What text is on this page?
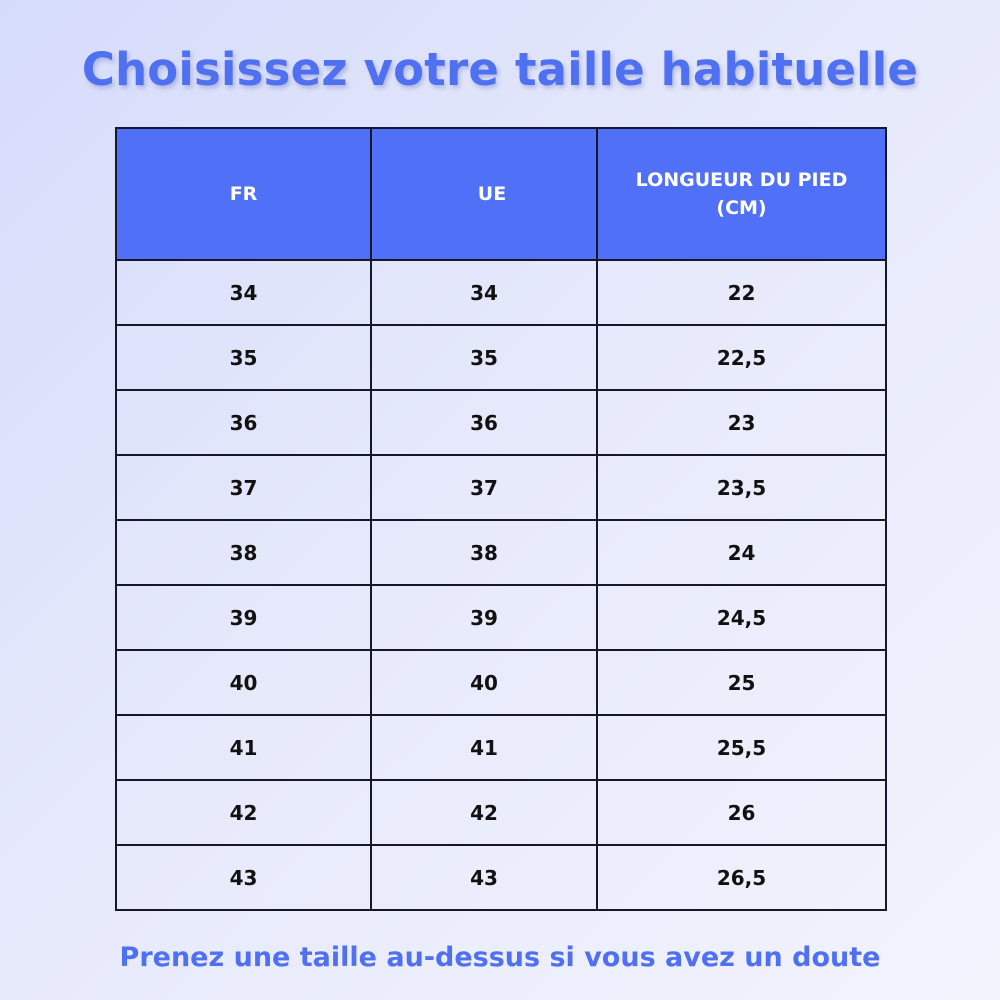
Choisissez votre taille habituelle
FR	UE	LONGUEUR DU PIED (CM)
34	34	22
35	35	22,5
36	36	23
37	37	23,5
38	38	24
39	39	24,5
40	40	25
41	41	25,5
42	42	26
43	43	26,5
Prenez une taille au-dessus si vous avez un doute
